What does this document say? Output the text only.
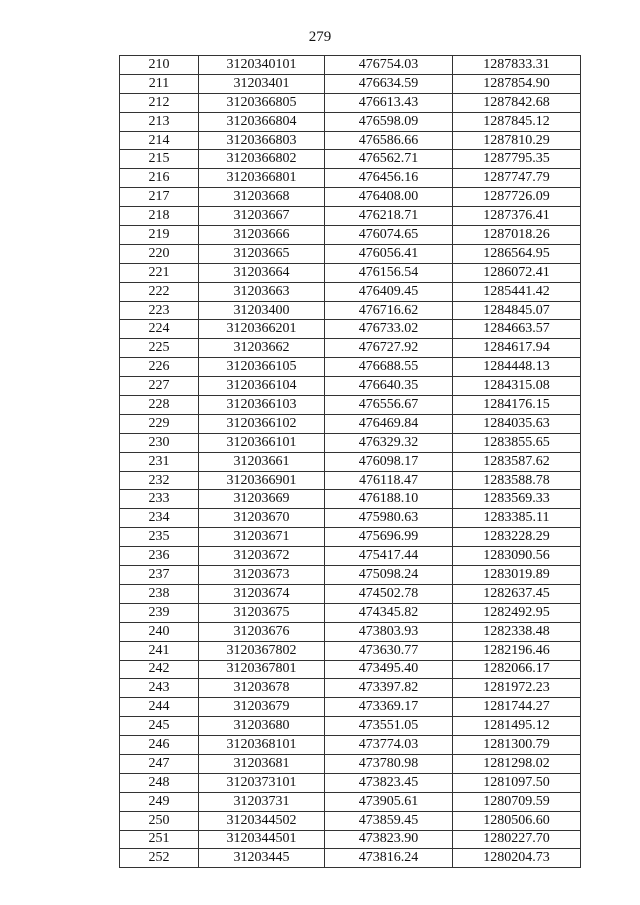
279
210	3120340101	476754.03	1287833.31
211	31203401	476634.59	1287854.90
212	3120366805	476613.43	1287842.68
213	3120366804	476598.09	1287845.12
214	3120366803	476586.66	1287810.29
215	3120366802	476562.71	1287795.35
216	3120366801	476456.16	1287747.79
217	31203668	476408.00	1287726.09
218	31203667	476218.71	1287376.41
219	31203666	476074.65	1287018.26
220	31203665	476056.41	1286564.95
221	31203664	476156.54	1286072.41
222	31203663	476409.45	1285441.42
223	31203400	476716.62	1284845.07
224	3120366201	476733.02	1284663.57
225	31203662	476727.92	1284617.94
226	3120366105	476688.55	1284448.13
227	3120366104	476640.35	1284315.08
228	3120366103	476556.67	1284176.15
229	3120366102	476469.84	1284035.63
230	3120366101	476329.32	1283855.65
231	31203661	476098.17	1283587.62
232	3120366901	476118.47	1283588.78
233	31203669	476188.10	1283569.33
234	31203670	475980.63	1283385.11
235	31203671	475696.99	1283228.29
236	31203672	475417.44	1283090.56
237	31203673	475098.24	1283019.89
238	31203674	474502.78	1282637.45
239	31203675	474345.82	1282492.95
240	31203676	473803.93	1282338.48
241	3120367802	473630.77	1282196.46
242	3120367801	473495.40	1282066.17
243	31203678	473397.82	1281972.23
244	31203679	473369.17	1281744.27
245	31203680	473551.05	1281495.12
246	3120368101	473774.03	1281300.79
247	31203681	473780.98	1281298.02
248	3120373101	473823.45	1281097.50
249	31203731	473905.61	1280709.59
250	3120344502	473859.45	1280506.60
251	3120344501	473823.90	1280227.70
252	31203445	473816.24	1280204.73
